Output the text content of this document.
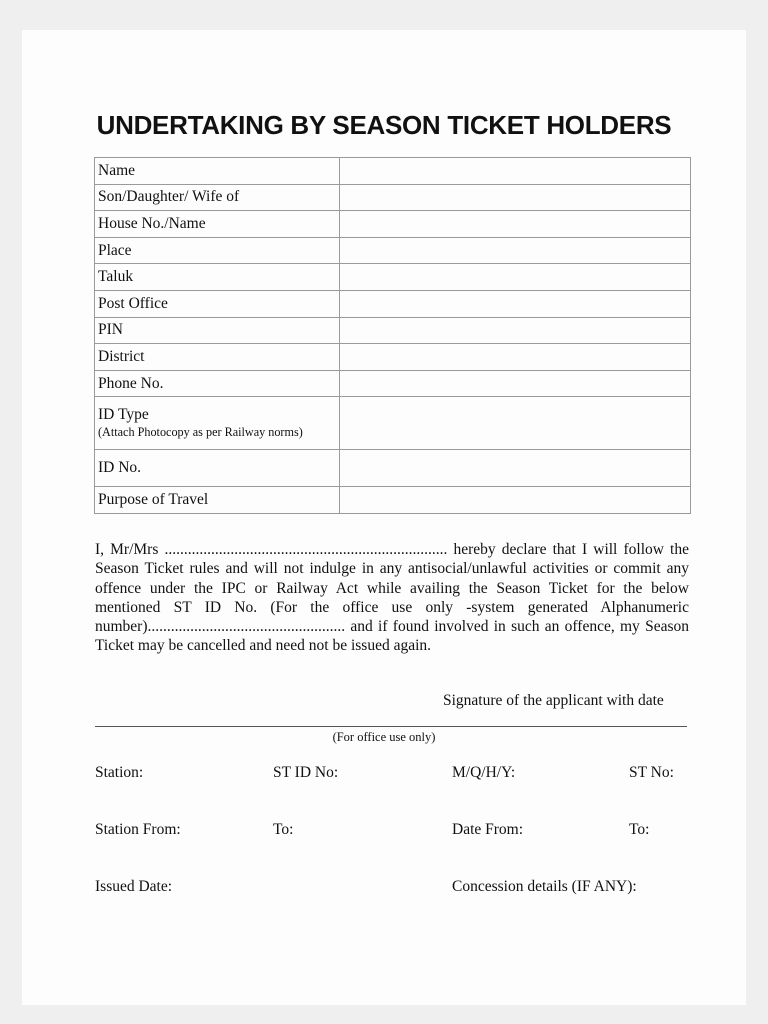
UNDERTAKING BY SEASON TICKET HOLDERS
Name	
Son/Daughter/ Wife of	
House No./Name	
Place	
Taluk	
Post Office	
PIN	
District	
Phone No.	
ID Type
(Attach Photocopy as per Railway norms)	

ID No.	
Purpose of Travel	

I, Mr/Mrs ......................................................................... hereby declare that I will follow the Season Ticket rules and will not indulge in any antisocial/unlawful activities or commit any offence under the IPC or Railway Act while availing the Season Ticket for the below mentioned ST ID No. (For the office use only -system generated Alphanumeric number)................................................... and if found involved in such an offence, my Season Ticket may be cancelled and need not be issued again.

Signature of the applicant with date
(For office use only)
Station:	ST ID No:	M/Q/H/Y:	ST No:
Station From:	To:	Date From:	To:
Issued Date:	Concession details (IF ANY):
